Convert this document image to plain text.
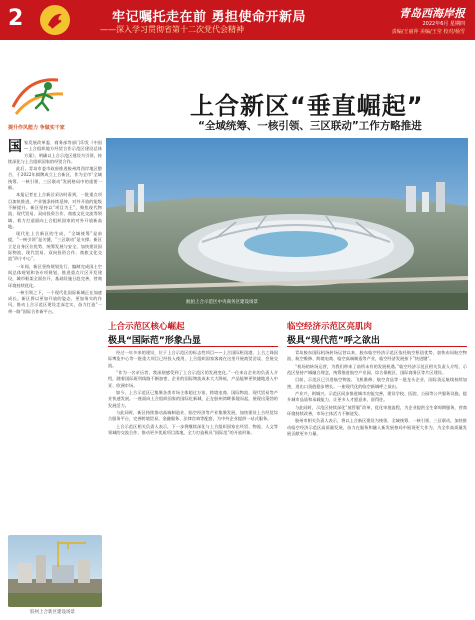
2	牢记嘱托走在前 勇担使命开新局
——深入学习贯彻省第十二次党代会精神
青岛西海岸报
2022年6月 星期四
责编/王丽萍 美编/王莹 校对/杨雪
提升作风能力 争做实干家
上合新区“垂直崛起”
“全域统筹、一核引领、三区联动”工作方略推进
国 家发展改革委、商务部等部门印发《中国—上合组织地方经贸合作示范区建设总体方案》，明确以上合示范区建设为引领，持续深化与上合组织国家的经贸合作。

此后，青岛市委市政府推进胶州湾西岸地区整合，于2022年揭牌成立上合新区，作为全市“全域统筹、一核引领、三区联动”发展格局中的重要一极。

本报记者在上合新区采访时看到，一批重点项目加快推进，产业链条持续延伸，对外开放的能级不断提升。新区坚持以“项目为王”，聚焦现代物流、现代贸易、双向投资合作、商旅文化交流等领域，着力打造面向上合组织国家的对外开放新高地。

现代化上合新区的生成，“全域统筹”是前提，“一核引领”是关键，“三区联动”是支撑。新区立足自身区位优势，统筹发展与安全，加快建设国际物流、现代贸易、双向投资合作、商旅文化交流“四个中心”。

一年间，新区坚持规划先行，编制完成国土空间总体规划和各专项规划，推进重点片区开发建设，城市框架全面拉开，基础设施日趋完善，营商环境持续优化。

一核引领之下，一个现代化国际新城正在加速成长。新区将以更加开放的姿态、更加务实的作风，推动上合示范区建设走深走实，奋力打造“一带一路”国际合作新平台。

胶州上合新区建设场景
航拍上合示范区中央商务区建设场景
上合示范区核心崛起
极具“国际范”形象凸显

经过一年多来的建设，位于上合示范区的标志性项目——上合国际枢纽港、上合之珠国际博览中心等一批重大项目已经投入使用，上合组织国家客商在这里开展商贸洽谈、会展交流。

“作为一名亲历者，我深刻感受到了上合示范区的发展变化。”一位来自企业的负责人介绍，随着国际班列线路不断加密，企业的国际物流成本大大降低，产品能够更快捷地进入中亚、欧洲市场。

如今，上合示范区已集聚各类市场主体超过万家，跨境电商、国际物流、现代贸易等产业快速发展。一座面向上合组织国家的国际化新城，正在胶州湾畔拔地而起，展现出蓬勃的发展活力。

与此同时，新区持续推动高端制造业、临空经济等产业集聚发展，加快建设上合经贸综合服务平台，完善跨境贸易、金融服务、法律咨询等配套，为中外企业提供一站式服务。

上合示范区相关负责人表示，下一步将继续深化与上合组织国家在经贸、物流、人文等领域的交流合作，推动更多优质项目落地，全力打造极具“国际范”的开放形象。

临空经济示范区亮肌肉
极具“现代范”呼之欲出

青岛胶东国际机场转场运营以来，胶东临空经济示范区依托航空枢纽优势，加快布局航空物流、航空维修、跨境电商、临空高端制造等产业，临空经济发展按下“快进键”。

“机场的转场运营，为我们带来了前所未有的发展机遇。”临空经济示范区相关负责人介绍，示范区坚持产城融合理念，统筹推进航空产业园、综合保税区、国际商务区等片区建设。

目前，示范区已引进航空物流、飞机维修、航空食品等一批龙头企业，国际货运航线持续加密，进出口货值稳步增长。一座现代化的临空新城呼之欲出。

产业兴，则城兴。示范区同步推进城市功能完善，建设学校、医院、公园等公共服务设施，提升城市品质和承载能力，让更多人才愿意来、留得住。

与此同时，示范区持续深化“放管服”改革，优化审批流程，为企业提供全生命周期服务，营商环境持续改善，市场主体活力不断迸发。

胶州市相关负责人表示，将以上合新区建设为统领，全域统筹、一核引领、三区联动，加快推动临空经济示范区高质量发展，奋力在服务和融入新发展格局中展现更大作为，为全市高质量发展贡献更多力量。
